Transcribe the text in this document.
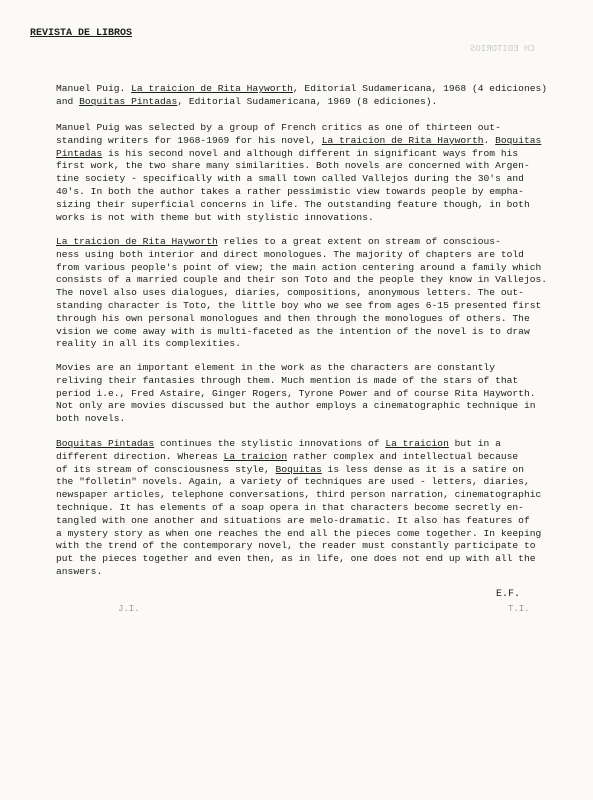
REVISTA DE LIBROS
CH EDITORIOS
J.I.	T.I.

Manuel Puig. La traicion de Rita Hayworth, Editorial Sudamericana, 1968 (4 ediciones)
and Boquitas Pintadas, Editorial Sudamericana, 1969 (8 ediciones).

Manuel Puig was selected by a group of French critics as one of thirteen out-
standing writers for 1968-1969 for his novel, La traicion de Rita Hayworth. Boquitas
Pintadas is his second novel and although different in significant ways from his
first work, the two share many similarities. Both novels are concerned with Argen-
tine society - specifically with a small town called Vallejos during the 30's and
40's. In both the author takes a rather pessimistic view towards people by empha-
sizing their superficial concerns in life. The outstanding feature though, in both
works is not with theme but with stylistic innovations.

La traicion de Rita Hayworth relies to a great extent on stream of conscious-
ness using both interior and direct monologues. The majority of chapters are told
from various people's point of view; the main action centering around a family which
consists of a married couple and their son Toto and the people they know in Vallejos.
The novel also uses dialogues, diaries, compositions, anonymous letters. The out-
standing character is Toto, the little boy who we see from ages 6-15 presented first
through his own personal monologues and then through the monologues of others. The
vision we come away with is multi-faceted as the intention of the novel is to draw
reality in all its complexities.

Movies are an important element in the work as the characters are constantly
reliving their fantasies through them. Much mention is made of the stars of that
period i.e., Fred Astaire, Ginger Rogers, Tyrone Power and of course Rita Hayworth.
Not only are movies discussed but the author employs a cinematographic technique in
both novels.

Boquitas Pintadas continues the stylistic innovations of La traicion but in a
different direction. Whereas La traicion rather complex and intellectual because
of its stream of consciousness style, Boquitas is less dense as it is a satire on
the "folletin" novels. Again, a variety of techniques are used - letters, diaries,
newspaper articles, telephone conversations, third person narration, cinematographic
technique. It has elements of a soap opera in that characters become secretly en-
tangled with one another and situations are melo-dramatic. It also has features of
a mystery story as when one reaches the end all the pieces come together. In keeping
with the trend of the contemporary novel, the reader must constantly participate to
put the pieces together and even then, as in life, one does not end up with all the
answers.

E.F.
